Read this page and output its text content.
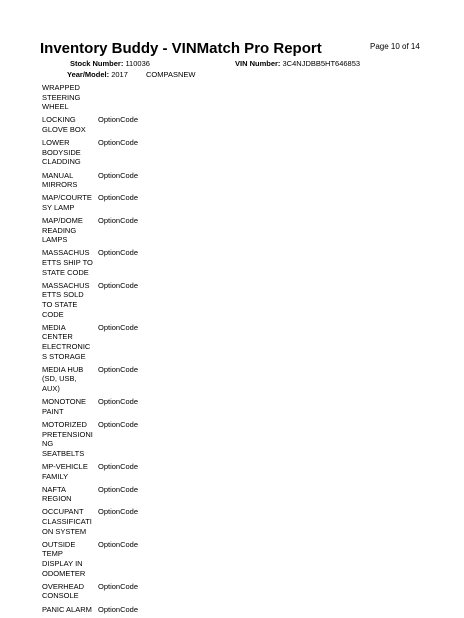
Page 10 of 14
Inventory Buddy - VINMatch Pro Report
Stock Number: 110036	VIN Number: 3C4NJDBB5HT646853
Year/Model: 2017 COMPASNEW
WRAPPED
STEERING
WHEEL
LOCKING
GLOVE BOX
OptionCode
LOWER
BODYSIDE
CLADDING
OptionCode
MANUAL
MIRRORS
OptionCode
MAP/COURTE
SY LAMP
OptionCode
MAP/DOME
READING
LAMPS
OptionCode
MASSACHUS
ETTS SHIP TO
STATE CODE
OptionCode
MASSACHUS
ETTS SOLD
TO STATE
CODE
OptionCode
MEDIA
CENTER
ELECTRONIC
S STORAGE
OptionCode
MEDIA HUB
(SD, USB,
AUX)
OptionCode
MONOTONE
PAINT
OptionCode
MOTORIZED
PRETENSIONI
NG
SEATBELTS
OptionCode
MP-VEHICLE
FAMILY
OptionCode
NAFTA
REGION
OptionCode
OCCUPANT
CLASSIFICATI
ON SYSTEM
OptionCode
OUTSIDE
TEMP
DISPLAY IN
ODOMETER
OptionCode
OVERHEAD
CONSOLE
OptionCode
PANIC ALARM OptionCode
